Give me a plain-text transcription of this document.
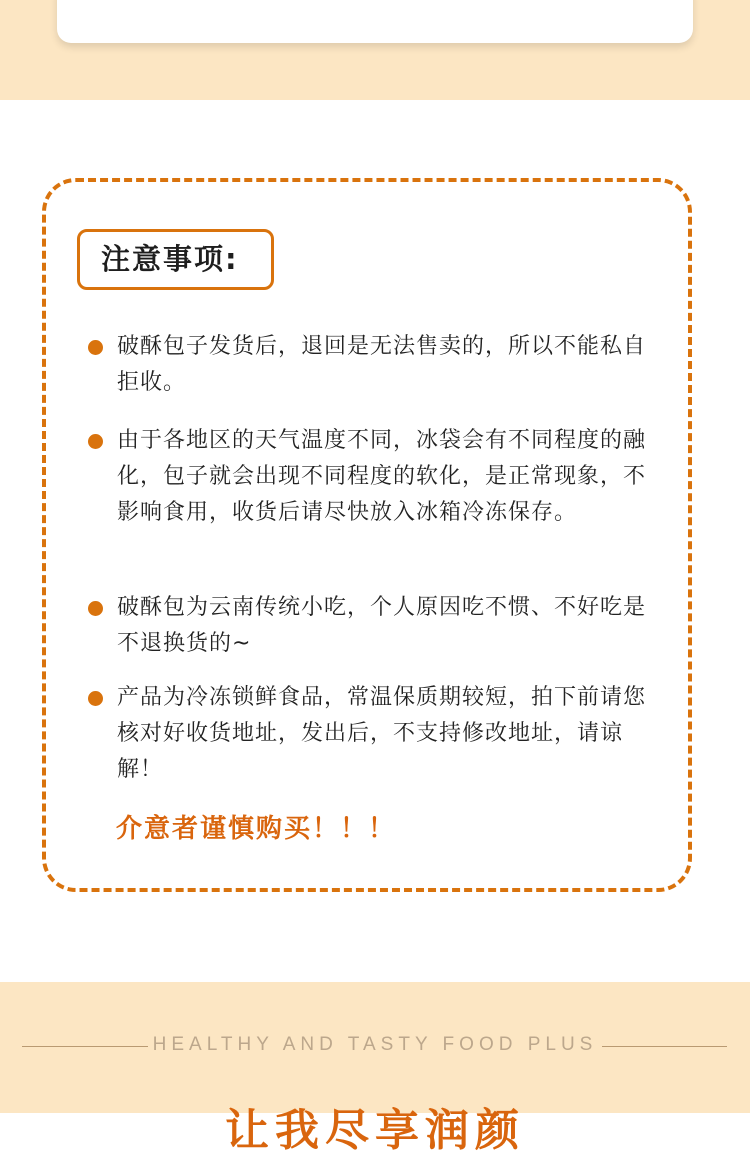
注意事项:
破酥包子发货后，退回是无法售卖的，所以不能私自拒收。
由于各地区的天气温度不同，冰袋会有不同程度的融化，包子就会出现不同程度的软化，是正常现象，不影响食用，收货后请尽快放入冰箱冷冻保存。
破酥包为云南传统小吃，个人原因吃不惯、不好吃是不退换货的~
产品为冷冻锁鲜食品，常温保质期较短，拍下前请您核对好收货地址，发出后，不支持修改地址，请谅解！
介意者谨慎购买！！！
HEALTHY AND TASTY FOOD PLUS
让我尽享润颜
